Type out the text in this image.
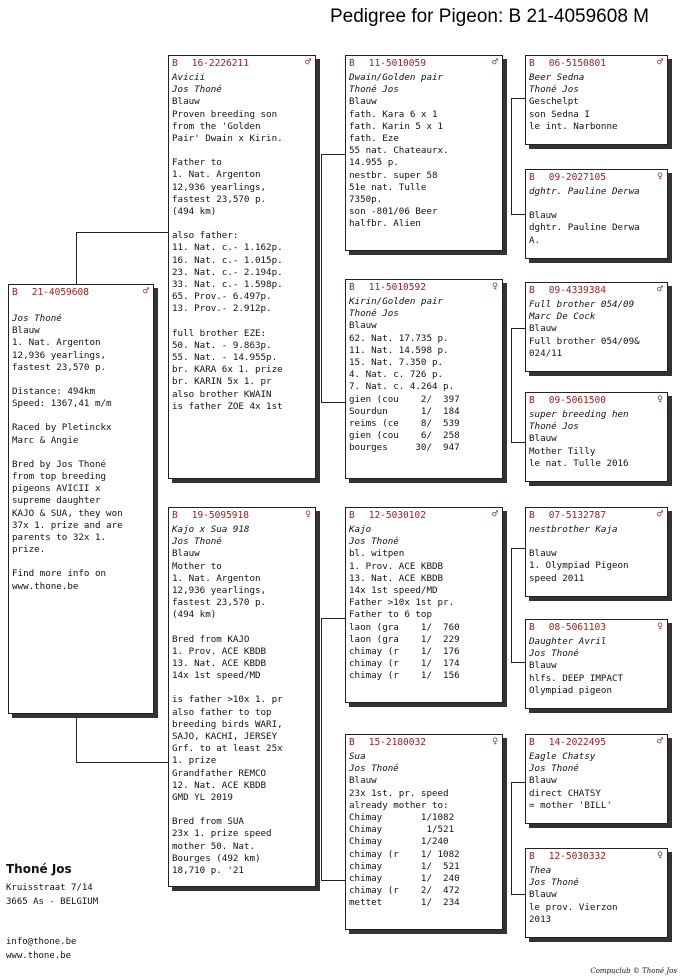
Pedigree for Pigeon: B 21-4059608 M
B 21-4059608	♂
Jos Thoné
Blauw
1. Nat. Argenton
12,936 yearlings,
fastest 23,570 p.
Distance: 494km
Speed: 1367,41 m/m
Raced by Pletinckx
Marc & Angie
Bred by Jos Thoné
from top breeding
pigeons AVICII x
supreme daughter
KAJO & SUA, they won
37x 1. prize and are
parents to 32x 1.
prize.
Find more info on
www.thone.be
B 16-2226211	♂
Avicii
Jos Thoné
Blauw
Proven breeding son
from the 'Golden
Pair' Dwain x Kirin.
Father to
1. Nat. Argenton
12,936 yearlings,
fastest 23,570 p.
(494 km)
also father:
11. Nat. c.- 1.162p.
16. Nat. c.- 1.015p.
23. Nat. c.- 2.194p.
33. Nat. c.- 1.598p.
65. Prov.- 6.497p.
13. Prov.- 2.912p.
full brother EZE:
50. Nat. - 9.863p.
55. Nat. - 14.955p.
br. KARA 6x 1. prize
br. KARIN 5x 1. pr
also brother KWAIN
is father ZOE 4x 1st
B 19-5095918	♀
Kajo x Sua 918
Jos Thoné
Blauw
Mother to
1. Nat. Argenton
12,936 yearlings,
fastest 23,570 p.
(494 km)
Bred from KAJO
1. Prov. ACE KBDB
13. Nat. ACE KBDB
14x 1st speed/MD
is father >10x 1. pr
also father to top
breeding birds WARI,
SAJO, KACHI, JERSEY
Grf. to at least 25x
1. prize
Grandfather REMCO
12. Nat. ACE KBDB
GMD YL 2019
Bred from SUA
23x 1. prize speed
mother 50. Nat.
Bourges (492 km)
18,710 p. '21
B 11-5010059	♂
Dwain/Golden pair
Thoné Jos
Blauw
fath. Kara 6 x 1
fath. Karin 5 x 1
fath. Eze
55 nat. Chateaurx.
14.955 p.
nestbr. super 58
51e nat. Tulle
7350p.
son -801/06 Beer
halfbr. Alien
B 11-5010592	♀
Kirin/Golden pair
Thoné Jos
Blauw
62. Nat. 17.735 p.
11. Nat. 14.598 p.
15. Nat. 7.350 p.
4. Nat. c. 726 p.
7. Nat. c. 4.264 p.
gien (cou    2/  397
Sourdun      1/  184
reims (ce    8/  539
gien (cou    6/  258
bourges     30/  947
B 12-5030102	♂
Kajo
Jos Thoné
bl. witpen
1. Prov. ACE KBDB
13. Nat. ACE KBDB
14x 1st speed/MD
Father >10x 1st pr.
Father to 6 top
laon (gra    1/  760
laon (gra    1/  229
chimay (r    1/  176
chimay (r    1/  174
chimay (r    1/  156
B 15-2180032	♀
Sua
Jos Thoné
Blauw
23x 1st. pr. speed
already mother to:
Chimay       1/1082
Chimay        1/521
Chimay       1/240
chimay (r    1/ 1082
chimay       1/  521
chimay       1/  240
chimay (r    2/  472
mettet       1/  234
B 06-5150801	♂
Beer Sedna
Thoné Jos
Geschelpt
son Sedna I
le int. Narbonne
B 09-2027105	♀
dghtr. Pauline Derwa
Blauw
dghtr. Pauline Derwa
A.
B 09-4339384	♂
Full brother 054/09
Marc De Cock
Blauw
Full brother 054/09&
024/11
B 09-5061500	♀
super breeding hen
Thoné Jos
Blauw
Mother Tilly
le nat. Tulle 2016
B 07-5132787	♂
nestbrother Kaja
Blauw
1. Olympiad Pigeon
speed 2011
B 08-5061103	♀
Daughter Avril
Jos Thoné
Blauw
hlfs. DEEP IMPACT
Olympiad pigeon
B 14-2022495	♂
Eagle Chatsy
Jos Thoné
Blauw
direct CHATSY
= mother 'BILL'
B 12-5030332	♀
Thea
Jos Thoné
Blauw
le prov. Vierzon
2013
Thoné Jos
Kruisstraat 7/14
3665 As - BELGIUM
info@thone.be
www.thone.be
Compuclub © Thoné Jos
